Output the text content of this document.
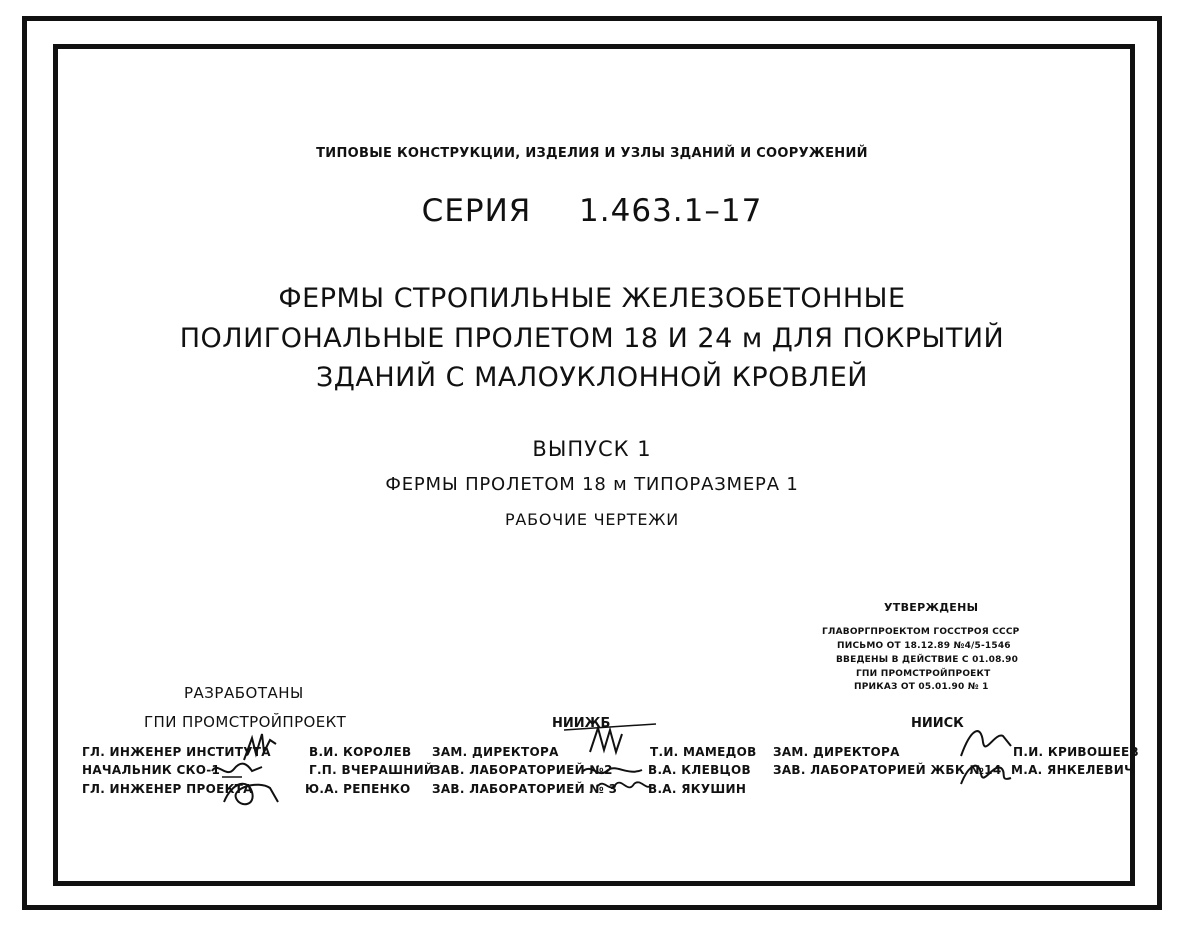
ТИПОВЫЕ КОНСТРУКЦИИ, ИЗДЕЛИЯ И УЗЛЫ ЗДАНИЙ И СООРУЖЕНИЙ
СЕРИЯ 1.463.1–17
ФЕРМЫ СТРОПИЛЬНЫЕ ЖЕЛЕЗОБЕТОННЫЕ
ПОЛИГОНАЛЬНЫЕ ПРОЛЕТОМ 18 И 24 м ДЛЯ ПОКРЫТИЙ
ЗДАНИЙ С МАЛОУКЛОННОЙ КРОВЛЕЙ
ВЫПУСК 1
ФЕРМЫ ПРОЛЕТОМ 18 м ТИПОРАЗМЕРА 1
РАБОЧИЕ ЧЕРТЕЖИ
УТВЕРЖДЕНЫ
ГЛАВОРГПРОЕКТОМ ГОССТРОЯ СССР
ПИСЬМО ОТ 18.12.89 №4/5-1546
ВВЕДЕНЫ В ДЕЙСТВИЕ С 01.08.90
ГПИ ПРОМСТРОЙПРОЕКТ
ПРИКАЗ ОТ 05.01.90 № 1
РАЗРАБОТАНЫ
ГПИ ПРОМСТРОЙПРОЕКТ	НИИЖБ	НИИСК
ГЛ. ИНЖЕНЕР ИНСТИТУТА	В.И. КОРОЛЕВ
НАЧАЛЬНИК СКО-1	Г.П. ВЧЕРАШНИЙ
ГЛ. ИНЖЕНЕР ПРОЕКТА	Ю.А. РЕПЕНКО
ЗАМ. ДИРЕКТОРА	Т.И. МАМЕДОВ
ЗАВ. ЛАБОРАТОРИЕЙ №2	В.А. КЛЕВЦОВ
ЗАВ. ЛАБОРАТОРИЕЙ № 3	В.А. ЯКУШИН
ЗАМ. ДИРЕКТОРА	П.И. КРИВОШЕЕВ
ЗАВ. ЛАБОРАТОРИЕЙ ЖБК №14 М.А. ЯНКЕЛЕВИЧ
